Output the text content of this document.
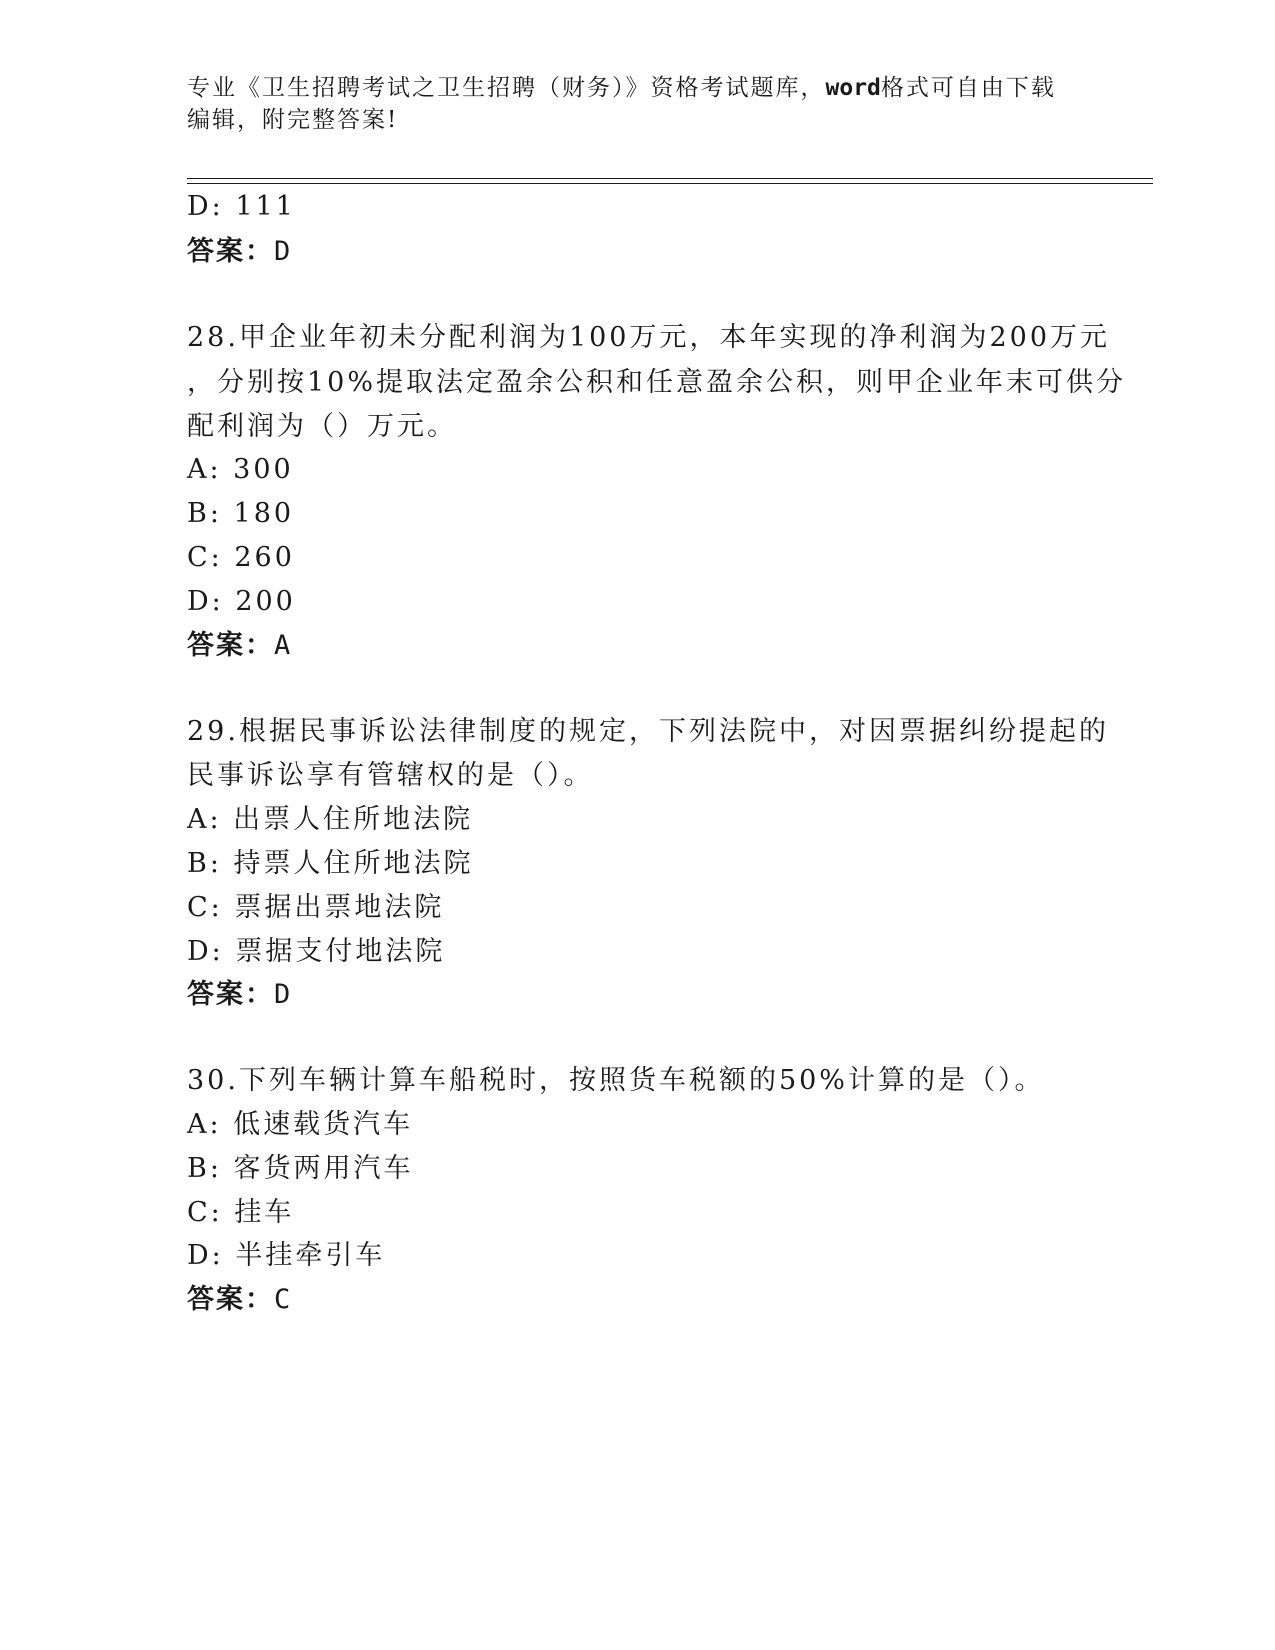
专业《卫生招聘考试之卫生招聘（财务）》资格考试题库，word格式可自由下载
编辑，附完整答案!
D: 111
答案：D
28.甲企业年初未分配利润为100万元，本年实现的净利润为200万元
，分别按10%提取法定盈余公积和任意盈余公积，则甲企业年末可供分
配利润为（）万元。
A: 300
B: 180
C: 260
D: 200
答案：A
29.根据民事诉讼法律制度的规定，下列法院中，对因票据纠纷提起的
民事诉讼享有管辖权的是（）。
A: 出票人住所地法院
B: 持票人住所地法院
C: 票据出票地法院
D: 票据支付地法院
答案：D
30.下列车辆计算车船税时，按照货车税额的50%计算的是（）。
A: 低速载货汽车
B: 客货两用汽车
C: 挂车
D: 半挂牵引车
答案：C
